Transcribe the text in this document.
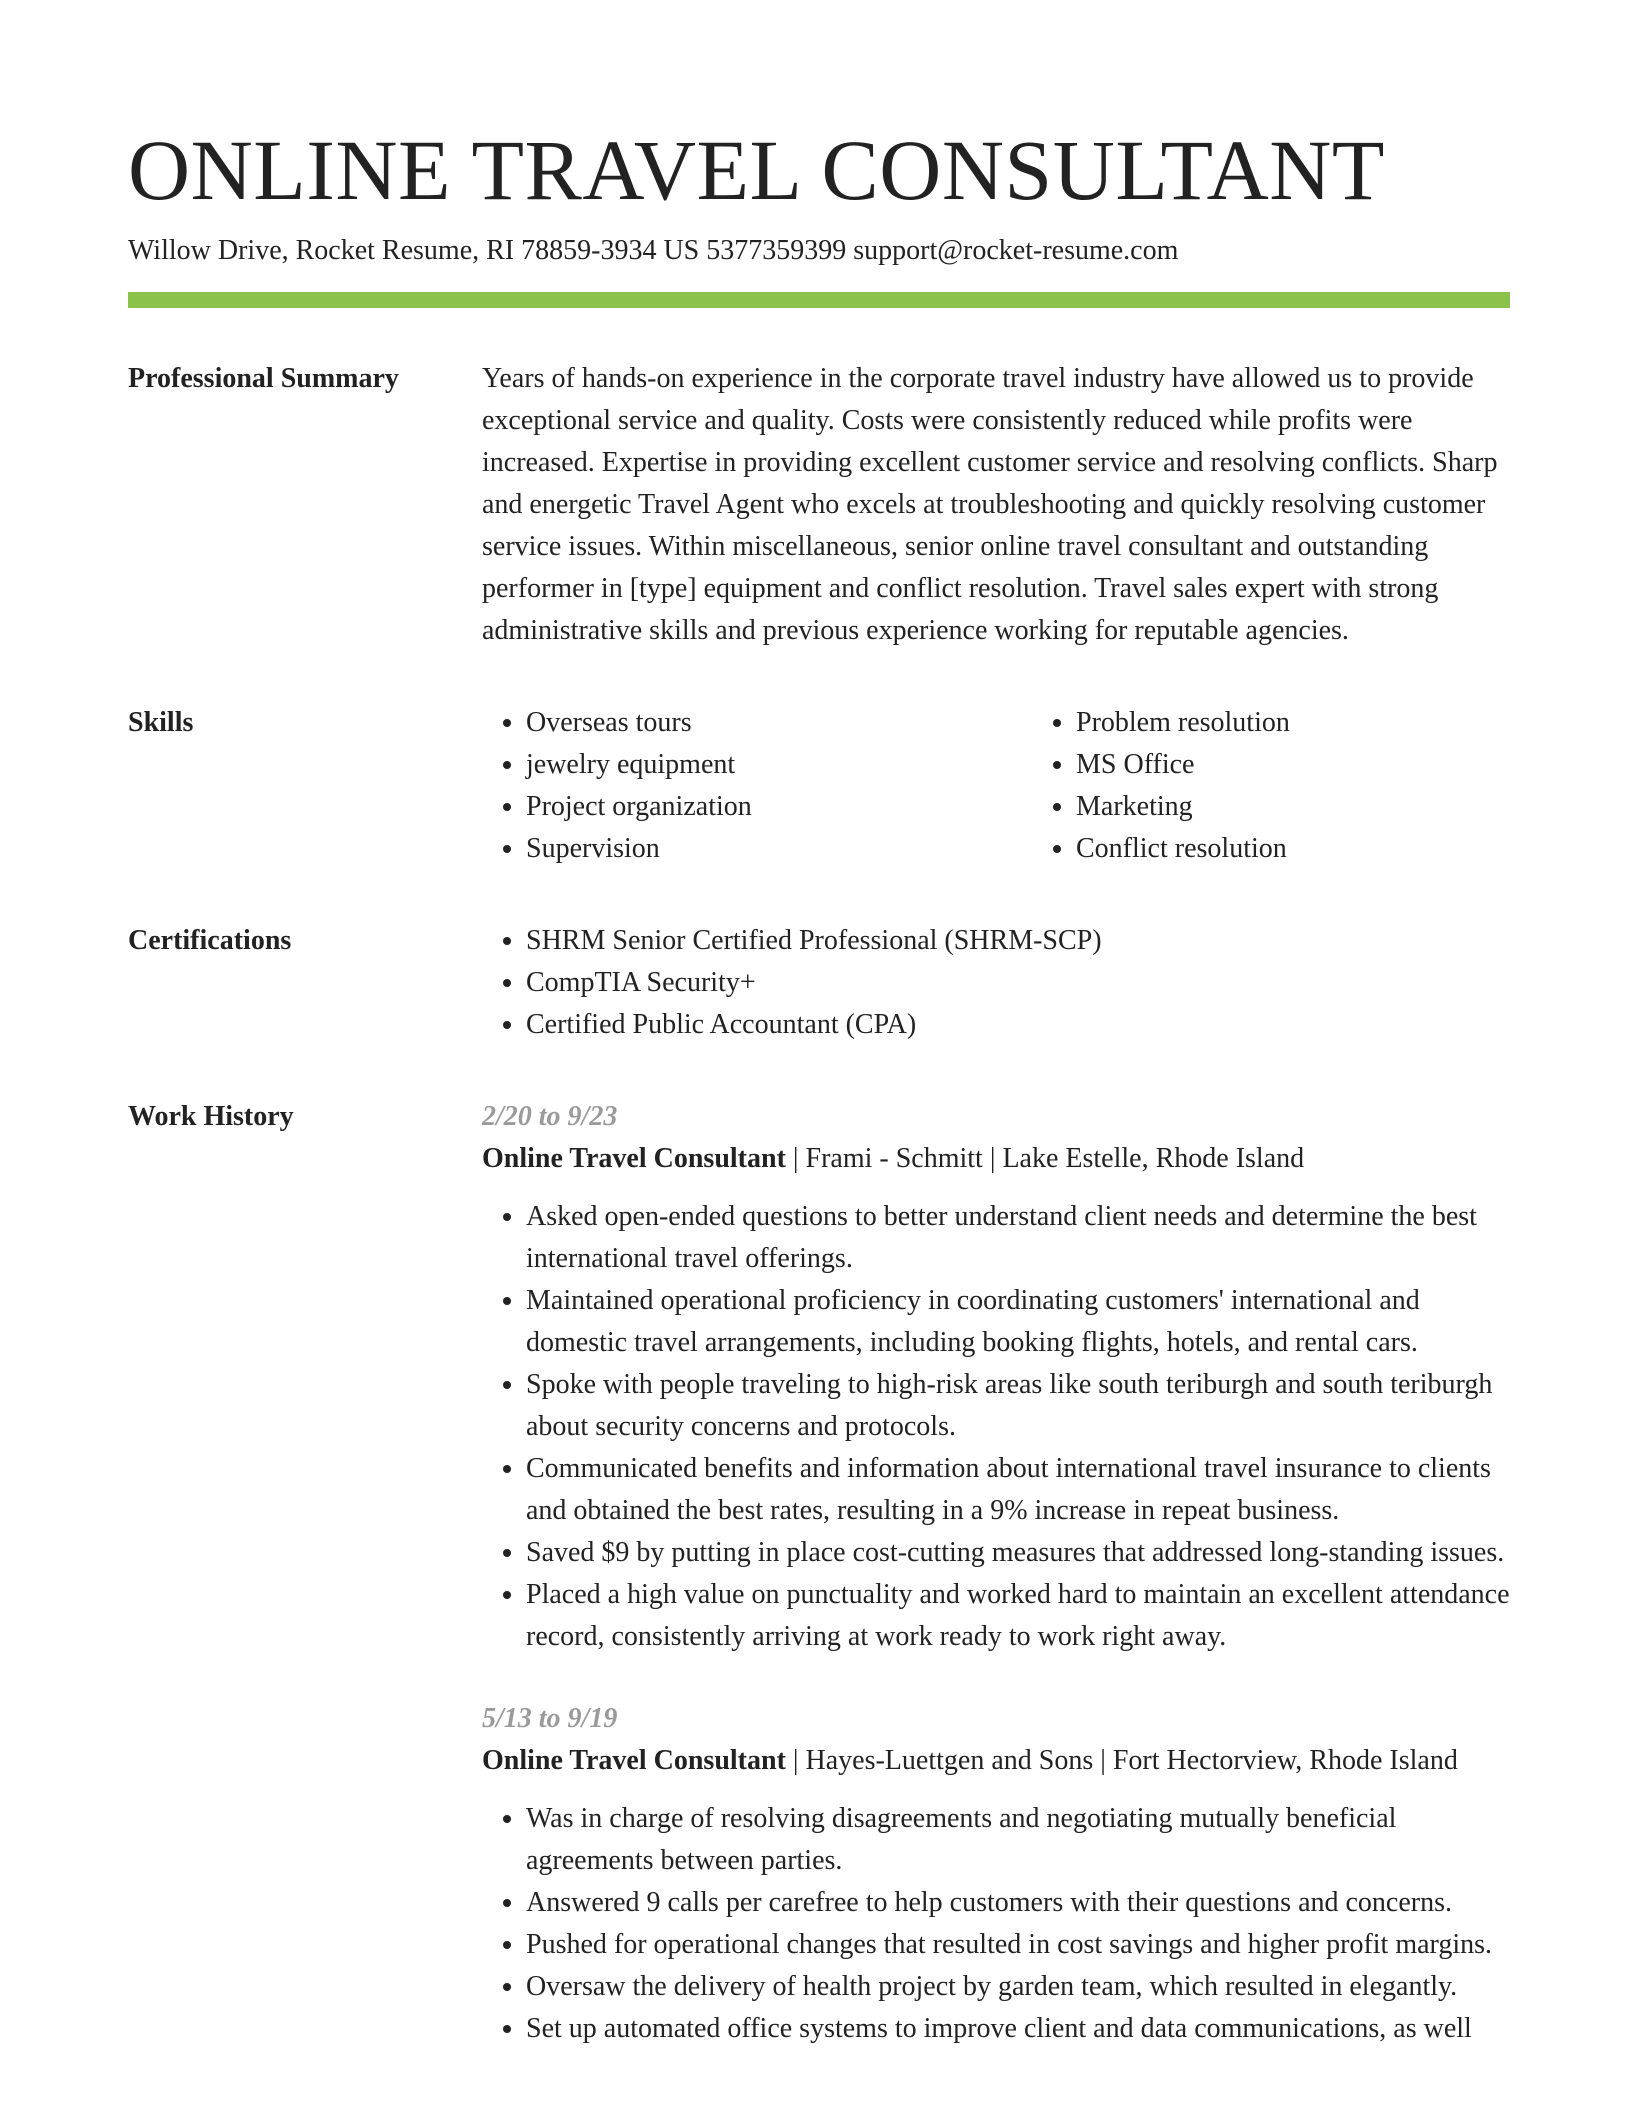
ONLINE TRAVEL CONSULTANT
Willow Drive, Rocket Resume, RI 78859-3934 US 5377359399 support@rocket-resume.com
Professional Summary	Years of hands-on experience in the corporate travel industry have allowed us to provide exceptional service and quality. Costs were consistently reduced while profits were increased. Expertise in providing excellent customer service and resolving conflicts. Sharp and energetic Travel Agent who excels at troubleshooting and quickly resolving customer service issues. Within miscellaneous, senior online travel consultant and outstanding performer in [type] equipment and conflict resolution. Travel sales expert with strong administrative skills and previous experience working for reputable agencies.

Skills	• Overseas tours
• jewelry equipment
• Project organization
• Supervision
• Problem resolution
• MS Office
• Marketing
• Conflict resolution
Certifications	• SHRM Senior Certified Professional (SHRM-SCP)
• CompTIA Security+
• Certified Public Accountant (CPA)
Work History	2/20 to 9/23
Online Travel Consultant | Frami - Schmitt | Lake Estelle, Rhode Island
• Asked open-ended questions to better understand client needs and determine the best international travel offerings.
• Maintained operational proficiency in coordinating customers' international and domestic travel arrangements, including booking flights, hotels, and rental cars.
• Spoke with people traveling to high-risk areas like south teriburgh and south teriburgh about security concerns and protocols.
• Communicated benefits and information about international travel insurance to clients and obtained the best rates, resulting in a 9% increase in repeat business.
• Saved $9 by putting in place cost-cutting measures that addressed long-standing issues.
• Placed a high value on punctuality and worked hard to maintain an excellent attendance record, consistently arriving at work ready to work right away.
5/13 to 9/19
Online Travel Consultant | Hayes-Luettgen and Sons | Fort Hectorview, Rhode Island
• Was in charge of resolving disagreements and negotiating mutually beneficial agreements between parties.
• Answered 9 calls per carefree to help customers with their questions and concerns.
• Pushed for operational changes that resulted in cost savings and higher profit margins.
• Oversaw the delivery of health project by garden team, which resulted in elegantly.
• Set up automated office systems to improve client and data communications, as well
